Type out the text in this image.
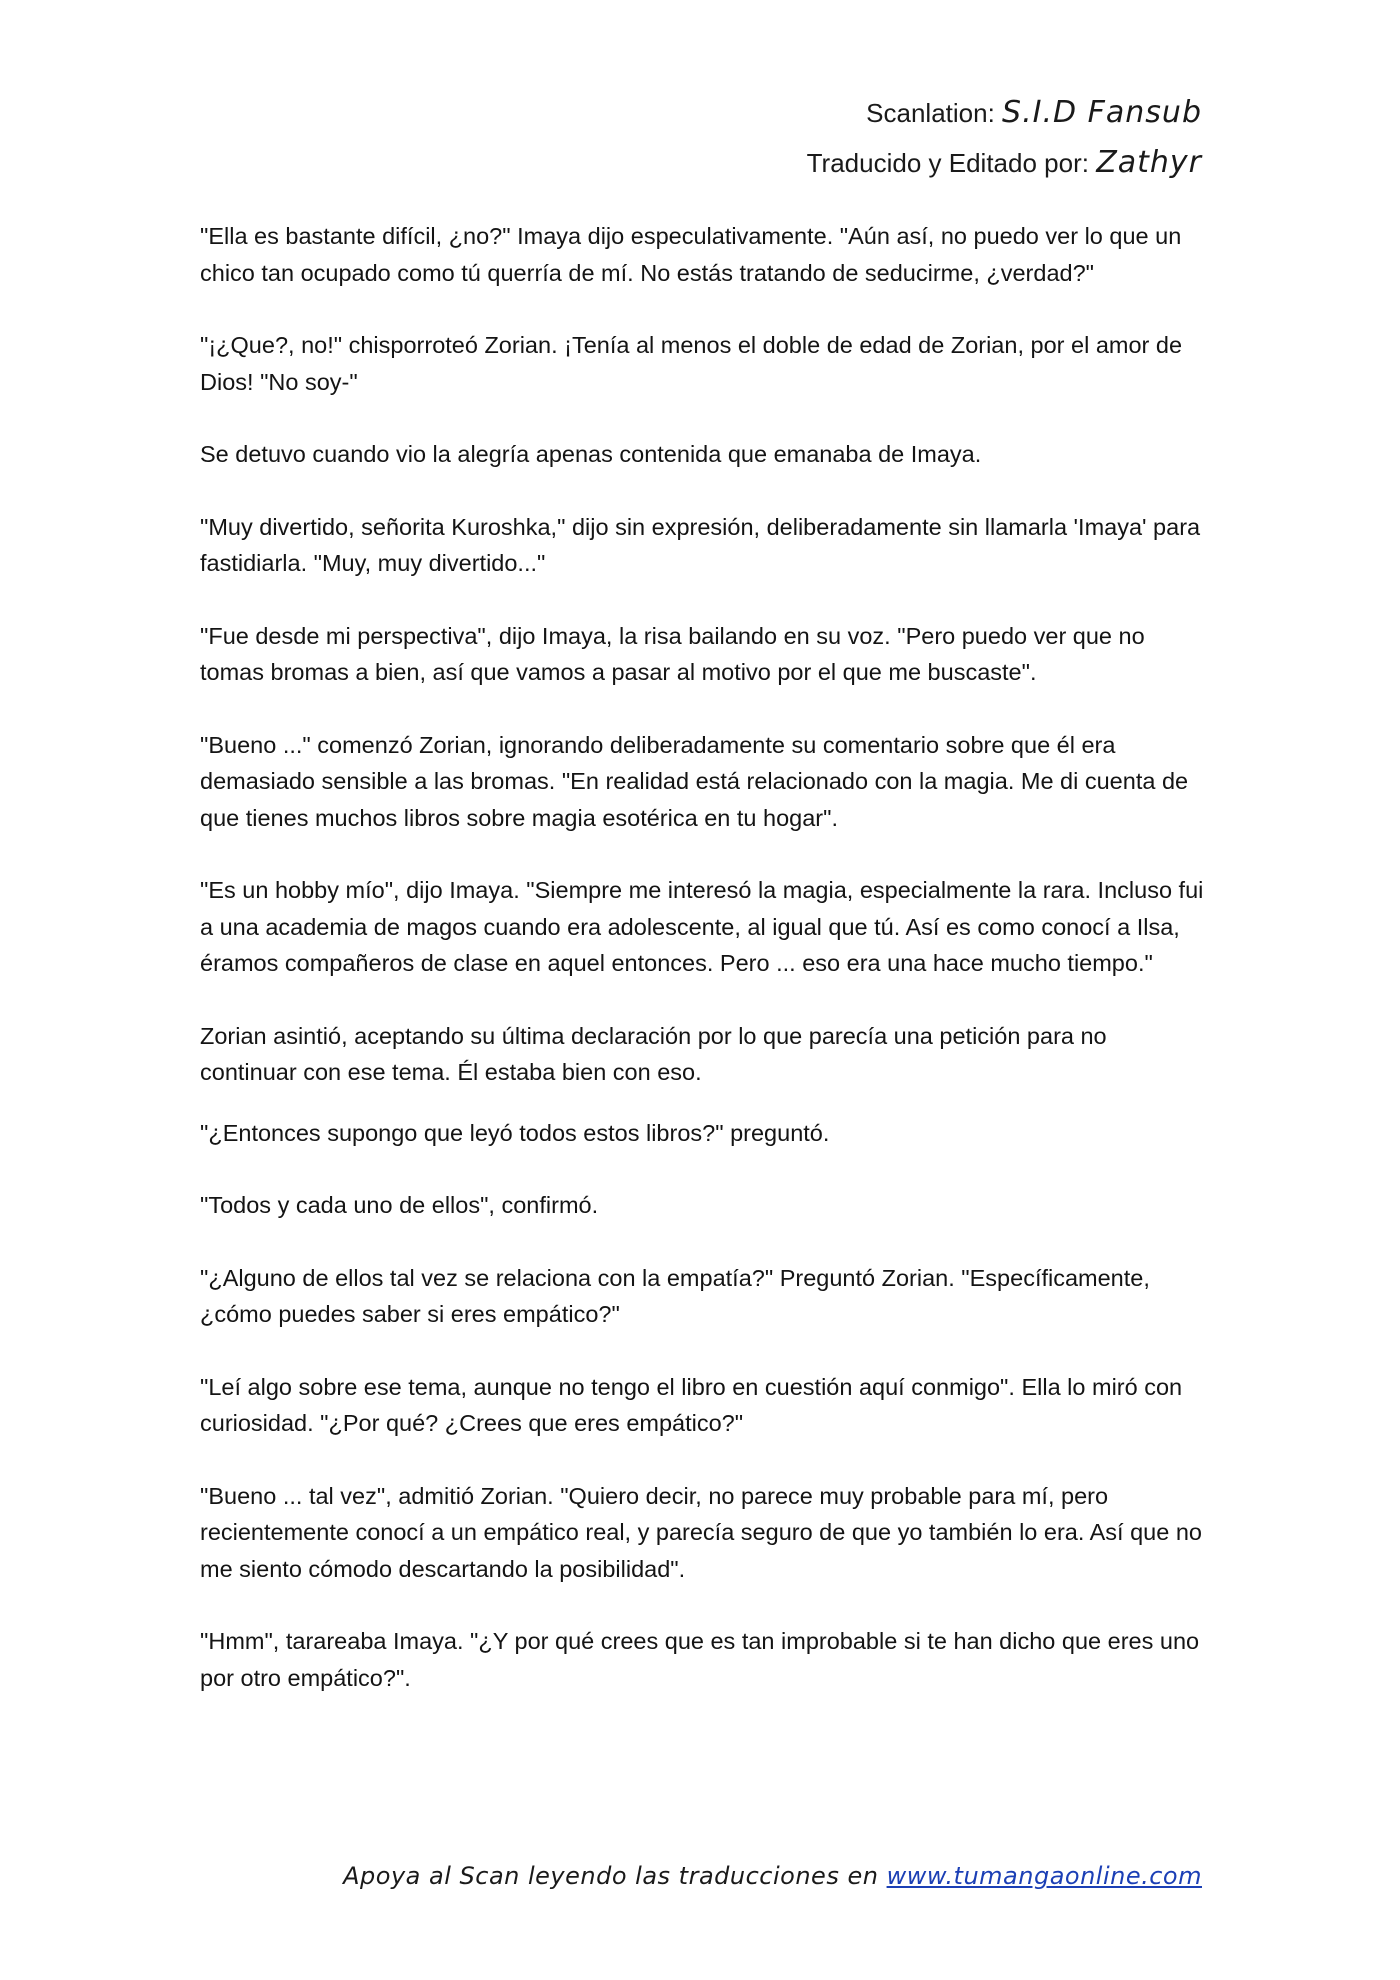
Scanlation: S.I.D Fansub
Traducido y Editado por: Zathyr

"Ella es bastante difícil, ¿no?" Imaya dijo especulativamente. "Aún así, no puedo ver lo que un chico tan ocupado como tú querría de mí. No estás tratando de seducirme, ¿verdad?"

"¡¿Que?, no!" chisporroteó Zorian. ¡Tenía al menos el doble de edad de Zorian, por el amor de Dios! "No soy-"

Se detuvo cuando vio la alegría apenas contenida que emanaba de Imaya.

"Muy divertido, señorita Kuroshka," dijo sin expresión, deliberadamente sin llamarla 'Imaya' para fastidiarla. "Muy, muy divertido..."

"Fue desde mi perspectiva", dijo Imaya, la risa bailando en su voz. "Pero puedo ver que no tomas bromas a bien, así que vamos a pasar al motivo por el que me buscaste".

"Bueno ..." comenzó Zorian, ignorando deliberadamente su comentario sobre que él era demasiado sensible a las bromas. "En realidad está relacionado con la magia. Me di cuenta de que tienes muchos libros sobre magia esotérica en tu hogar".

"Es un hobby mío", dijo Imaya. "Siempre me interesó la magia, especialmente la rara. Incluso fui a una academia de magos cuando era adolescente, al igual que tú. Así es como conocí a Ilsa, éramos compañeros de clase en aquel entonces. Pero ... eso era una hace mucho tiempo."

Zorian asintió, aceptando su última declaración por lo que parecía una petición para no continuar con ese tema. Él estaba bien con eso.

"¿Entonces supongo que leyó todos estos libros?" preguntó.

"Todos y cada uno de ellos", confirmó.

"¿Alguno de ellos tal vez se relaciona con la empatía?" Preguntó Zorian. "Específicamente, ¿cómo puedes saber si eres empático?"

"Leí algo sobre ese tema, aunque no tengo el libro en cuestión aquí conmigo". Ella lo miró con curiosidad. "¿Por qué? ¿Crees que eres empático?"

"Bueno ... tal vez", admitió Zorian. "Quiero decir, no parece muy probable para mí, pero recientemente conocí a un empático real, y parecía seguro de que yo también lo era. Así que no me siento cómodo descartando la posibilidad".

"Hmm", tarareaba Imaya. "¿Y por qué crees que es tan improbable si te han dicho que eres uno por otro empático?".

Apoya al Scan leyendo las traducciones en www.tumangaonline.com
